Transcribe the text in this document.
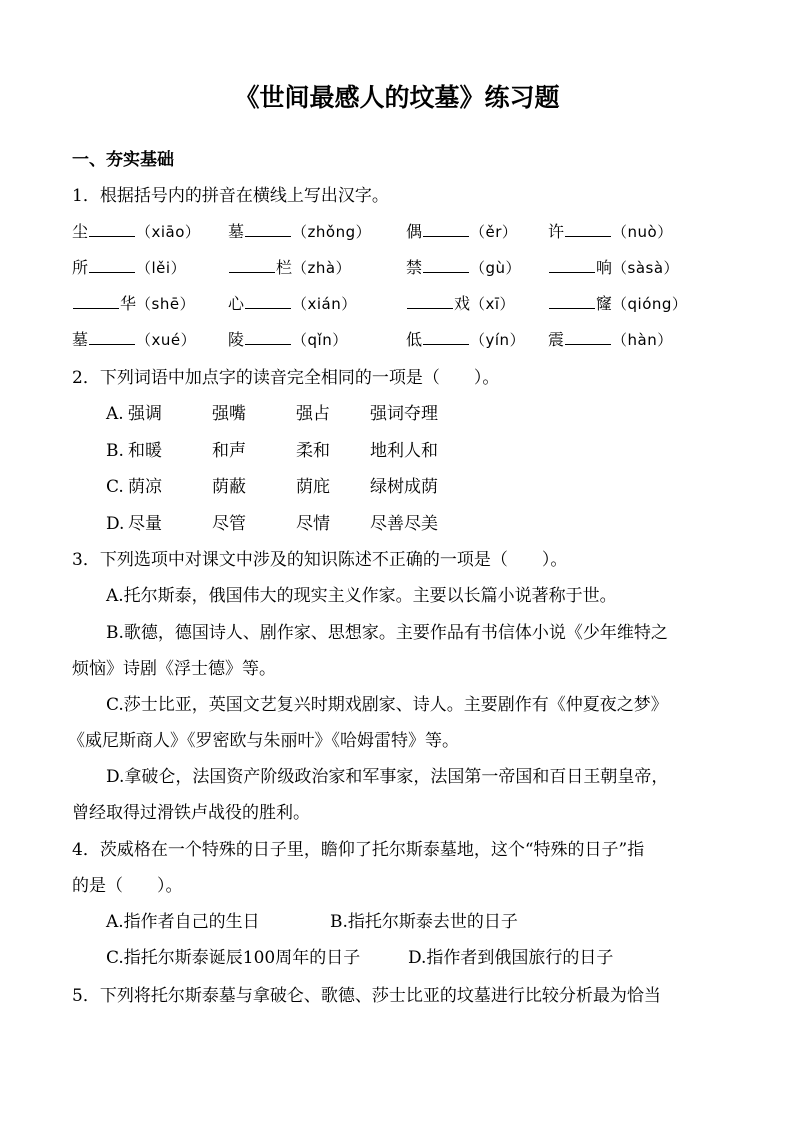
《世间最感人的坟墓》练习题
一、夯实基础
1．根据括号内的拼音在横线上写出汉字。
尘	（xiāo） 墓	（zhǒng） 偶	（ěr） 许	（nuò）
所	（lěi）	栏（zhà）	禁	（gù）	响（sàsà）
华（shē） 心	（xián）	戏（xī）	窿（qióng）
墓	（xué） 陵	（qǐn）	低	（yín） 震	（hàn）
2．下列词语中加点字的读音完全相同的一项是（　　）。
A. 强调	强嘴	强占 强词夺理
B. 和暖	和声	柔和 地利人和
C. 荫凉	荫蔽	荫庇 绿树成荫
D. 尽量	尽管	尽情 尽善尽美
3．下列选项中对课文中涉及的知识陈述不正确的一项是（　　）。
A.托尔斯泰，俄国伟大的现实主义作家。主要以长篇小说著称于世。
B.歌德，德国诗人、剧作家、思想家。主要作品有书信体小说《少年维特之
烦恼》诗剧《浮士德》等。
C.莎士比亚，英国文艺复兴时期戏剧家、诗人。主要剧作有《仲夏夜之梦》
《威尼斯商人》《罗密欧与朱丽叶》《哈姆雷特》等。
D.拿破仑，法国资产阶级政治家和军事家，法国第一帝国和百日王朝皇帝，
曾经取得过滑铁卢战役的胜利。
4．茨威格在一个特殊的日子里，瞻仰了托尔斯泰墓地，这个“特殊的日子”指
的是（　　）。
A.指作者自己的生日	B.指托尔斯泰去世的日子
C.指托尔斯泰诞辰100周年的日子	D.指作者到俄国旅行的日子
5．下列将托尔斯泰墓与拿破仑、歌德、莎士比亚的坟墓进行比较分析最为恰当
